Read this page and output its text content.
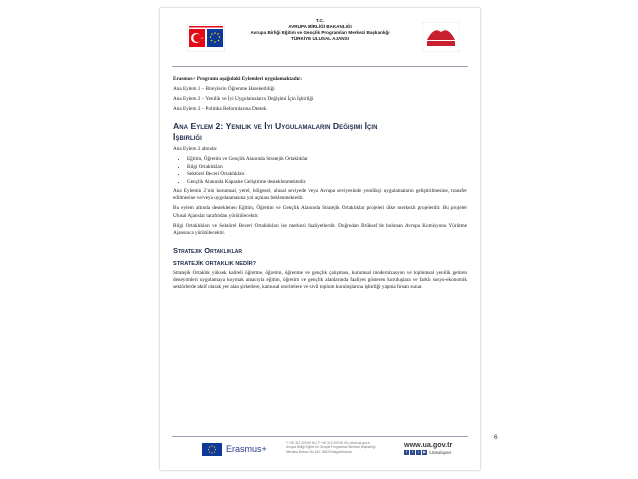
T.C.
AVRUPA BİRLİĞİ BAKANLIĞI
Avrupa Birliği Eğitim ve Gençlik Programları Merkezi Başkanlığı
TÜRKİYE ULUSAL AJANSI

Erasmus+ Programı aşağıdaki Eylemleri uygulamaktadır:

Ana Eylem 1 – Bireylerin Öğrenme Hareketliliği

Ana Eylem 2 – Yenilik ve İyi Uygulamaların Değişimi İçin İşbirliği

Ana Eylem 3 – Politika Reformlarına Destek

Ana Eylem 2: Yenilik ve İyi Uygulamaların Değişimi İçin
İşbirliği

Ana Eylem 2 altında:

• Eğitim, Öğretim ve Gençlik Alanında Stratejik Ortaklıklar
• Bilgi Ortaklıkları
• Sektörel Beceri Ortaklıkları
• Gençlik Alanında Kapasite Geliştirme desteklenmektedir.

Ana Eylemin 2’nin kurumsal, yerel, bölgesel, ulusal seviyede veya Avrupa seviyesinde yenilikçi uygulamaların geliştirilmesine, transfer edilmesine ve/veya uygulanmasına yol açması beklenmektedir.

Bu eylem altında desteklenen Eğitim, Öğretim ve Gençlik Alanında Stratejik Ortaklıklar projeleri ülke merkezli projelerdir. Bu projeler Ulusal Ajanslar tarafından yürütülecektir.

Bilgi Ortaklıkları ve Sektörel Beceri Ortaklıkları ise merkezi faaliyetlerdir. Doğrudan Brüksel’de bulunan Avrupa Komisyonu Yürütme Ajansınca yürütülecektir.

Stratejik Ortaklıklar
STRATEJİK ORTAKLIK NEDİR?

Stratejik Ortaklık yüksek kaliteli öğretme, öğretim, öğrenme ve gençlik çalışması, kurumsal modernizasyon ve toplumsal yenilik getiren deneyimleri uygulamaya koymak amacıyla eğitim, öğretim ve gençlik alanlarında faaliyet gösteren kuruluşlara ve farklı sosyo-ekonomik sektörlerde aktif olarak yer alan şirketlere, kamusal otoritelere ve sivil toplum kuruluşlarına işbirliği yapma fırsatı sunar.

Erasmus+
T +90 312 409 60 00 | F +90 312 409 60 09 | www.ua.gov.tr
Avrupa Birliği Eğitim ve Gençlik Programları Merkezi Başkanlığı
Mevlana Bulvarı No:181, 06520 Balgat/Ankara
www.ua.gov.tr
f t i ▶ /ulusalajans
6
